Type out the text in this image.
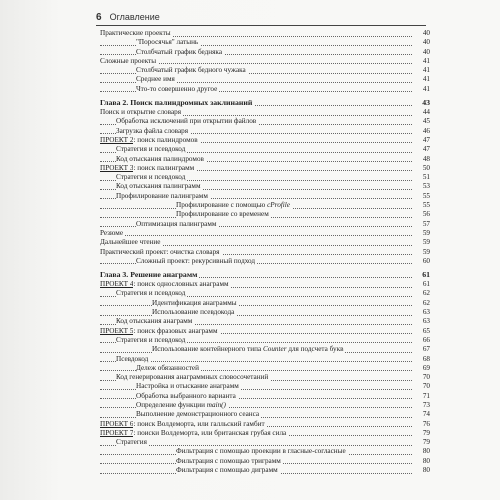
6 Оглавление
Практические проекты	40
"Поросячья" латынь	40
Столбчатый график бедняка	40
Сложные проекты	41
Столбчатый график бедного чужака	41
Среднее имя	41
Что-то совершенно другое	41
Глава 2. Поиск палиндромных заклинаний	43
Поиск и открытие словаря	44
Обработка исключений при открытии файлов	45
Загрузка файла словаря	46
ПРОЕКТ 2: поиск палиндромов	47
Стратегия и псевдокод	47
Код отыскания палиндромов	48
ПРОЕКТ 3: поиск палинграмм	50
Стратегия и псевдокод	51
Код отыскания палинграмм	53
Профилирование палинграмм	55
Профилирование с помощью cProfile	55
Профилирование со временем	56
Оптимизация палинграмм	57
Резюме	59
Дальнейшее чтение	59
Практический проект: очистка словаря	59
Сложный проект: рекурсивный подход	60
Глава 3. Решение анаграмм	61
ПРОЕКТ 4: поиск однословных анаграмм	61
Стратегия и псевдокод	62
Идентификация анаграммы	62
Использование псевдокода	63
Код отыскания анаграмм	63
ПРОЕКТ 5: поиск фразовых анаграмм	65
Стратегия и псевдокод	66
Использование контейнерного типа Counter для подсчета букв	67
Псевдокод	68
Дележ обязанностей	69
Код генерирования анаграммных словосочетаний	70
Настройка и отыскание анаграмм	70
Обработка выбранного варианта	71
Определение функции main()	73
Выполнение демонстрационного сеанса	74
ПРОЕКТ 6: поиск Волдеморта, или галльский гамбит	76
ПРОЕКТ 7: поиски Волдеморта, или британская грубая сила	79
Стратегия	79
Фильтрация с помощью проекции в гласные-согласные	80
Фильтрация с помощью триграмм	80
Фильтрация с помощью диграмм	80
